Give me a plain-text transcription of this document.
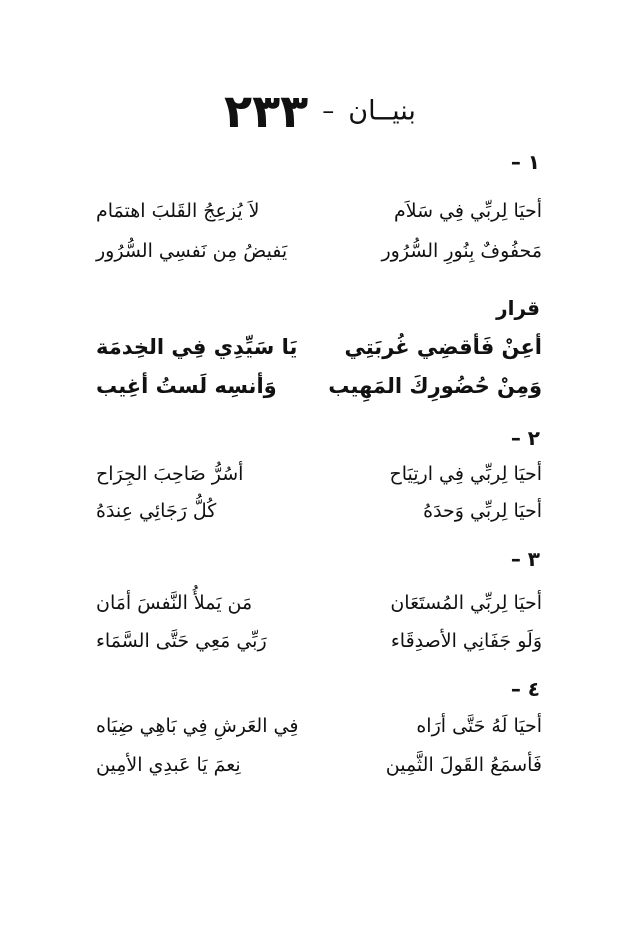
بنيــان–٢٣٣
١ –
أحيَا لِربِّي فِي سَلاَم
لاَ يُزعِجُ القَلبَ اهتمَام
مَحفُوفٌ بِنُورِ السُّرُور
يَفيضُ مِن نَفسِي السُّرُور
قرار
أعِنْ فَأقضِي غُربَتِي
يَا سَيِّدِي فِي الخِدمَة
وَمِنْ حُضُورِكَ المَهِيب
وَأنسِه لَستُ أغِيب
٢ –
أحيَا لِربِّي فِي ارتِيَاح
أسُرُّ صَاحِبَ الجِرَاح
أحيَا لِربِّي وَحدَهُ
كُلُّ رَجَائِي عِندَهُ
٣ –
أحيَا لِربِّي المُستَعَان
مَن يَملأُ النَّفسَ أمَان
وَلَو جَفَانِي الأصدِقَاء
رَبِّي مَعِي حَتَّى السَّمَاء
٤ –
أحيَا لَهُ حَتَّى أرَاه
فِي العَرشِ فِي بَاهِي ضِيَاه
فَأسمَعُ القَولَ الثَّمِين
نِعمَ يَا عَبدِي الأمِين
